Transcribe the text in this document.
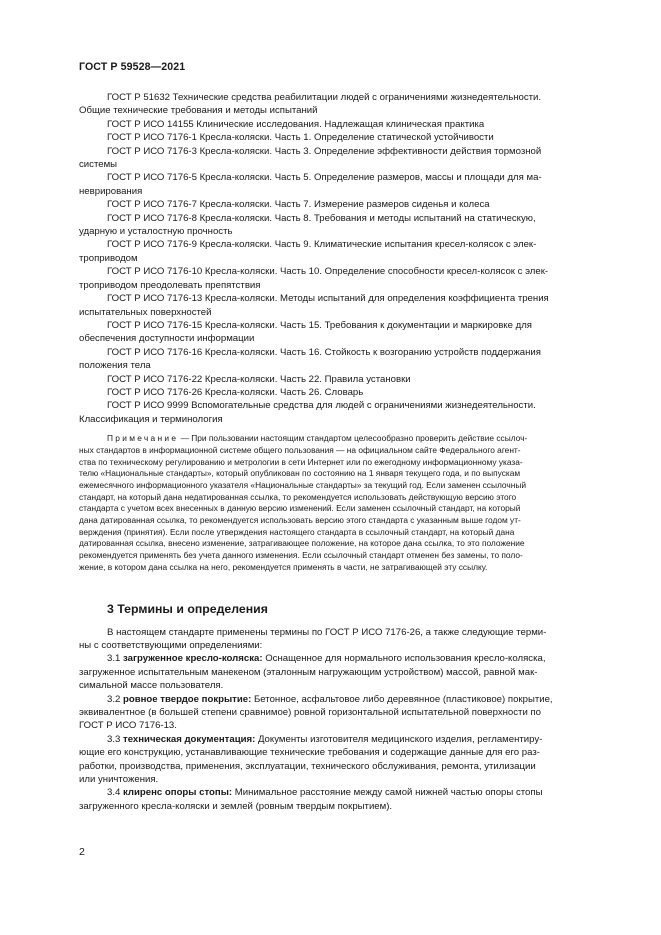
ГОСТ Р 59528—2021

ГОСТ Р 51632 Технические средства реабилитации людей с ограничениями жизнедеятельности.
Общие технические требования и методы испытаний

ГОСТ Р ИСО 14155 Клинические исследования. Надлежащая клиническая практика

ГОСТ Р ИСО 7176-1 Кресла-коляски. Часть 1. Определение статической устойчивости

ГОСТ Р ИСО 7176-3 Кресла-коляски. Часть 3. Определение эффективности действия тормозной
системы

ГОСТ Р ИСО 7176-5 Кресла-коляски. Часть 5. Определение размеров, массы и площади для ма-
неврирования

ГОСТ Р ИСО 7176-7 Кресла-коляски. Часть 7. Измерение размеров сиденья и колеса

ГОСТ Р ИСО 7176-8 Кресла-коляски. Часть 8. Требования и методы испытаний на статическую,
ударную и усталостную прочность

ГОСТ Р ИСО 7176-9 Кресла-коляски. Часть 9. Климатические испытания кресел-колясок с элек-
троприводом

ГОСТ Р ИСО 7176-10 Кресла-коляски. Часть 10. Определение способности кресел-колясок с элек-
троприводом преодолевать препятствия

ГОСТ Р ИСО 7176-13 Кресла-коляски. Методы испытаний для определения коэффициента трения
испытательных поверхностей

ГОСТ Р ИСО 7176-15 Кресла-коляски. Часть 15. Требования к документации и маркировке для
обеспечения доступности информации

ГОСТ Р ИСО 7176-16 Кресла-коляски. Часть 16. Стойкость к возгоранию устройств поддержания
положения тела

ГОСТ Р ИСО 7176-22 Кресла-коляски. Часть 22. Правила установки

ГОСТ Р ИСО 7176-26 Кресла-коляски. Часть 26. Словарь

ГОСТ Р ИСО 9999 Вспомогательные средства для людей с ограничениями жизнедеятельности.
Классификация и терминология

Примечание — При пользовании настоящим стандартом целесообразно проверить действие ссылоч-
ных стандартов в информационной системе общего пользования — на официальном сайте Федерального агент-
ства по техническому регулированию и метрологии в сети Интернет или по ежегодному информационному указа-
телю «Национальные стандарты», который опубликован по состоянию на 1 января текущего года, и по выпускам
ежемесячного информационного указателя «Национальные стандарты» за текущий год. Если заменен ссылочный
стандарт, на который дана недатированная ссылка, то рекомендуется использовать действующую версию этого
стандарта с учетом всех внесенных в данную версию изменений. Если заменен ссылочный стандарт, на который
дана датированная ссылка, то рекомендуется использовать версию этого стандарта с указанным выше годом ут-
верждения (принятия). Если после утверждения настоящего стандарта в ссылочный стандарт, на который дана
датированная ссылка, внесено изменение, затрагивающее положение, на которое дана ссылка, то это положение
рекомендуется применять без учета данного изменения. Если ссылочный стандарт отменен без замены, то поло-
жение, в котором дана ссылка на него, рекомендуется применять в части, не затрагивающей эту ссылку.
3 Термины и определения

В настоящем стандарте применены термины по ГОСТ Р ИСО 7176-26, а также следующие терми-
ны с соответствующими определениями:

3.1 загруженное кресло-коляска: Оснащенное для нормального использования кресло-коляска,
загруженное испытательным манекеном (эталонным нагружающим устройством) массой, равной мак-
симальной массе пользователя.

3.2 ровное твердое покрытие: Бетонное, асфальтовое либо деревянное (пластиковое) покрытие,
эквивалентное (в большей степени сравнимое) ровной горизонтальной испытательной поверхности по
ГОСТ Р ИСО 7176-13.

3.3 техническая документация: Документы изготовителя медицинского изделия, регламентиру-
ющие его конструкцию, устанавливающие технические требования и содержащие данные для его раз-
работки, производства, применения, эксплуатации, технического обслуживания, ремонта, утилизации
или уничтожения.

3.4 клиренс опоры стопы: Минимальное расстояние между самой нижней частью опоры стопы
загруженного кресла-коляски и землей (ровным твердым покрытием).

2
